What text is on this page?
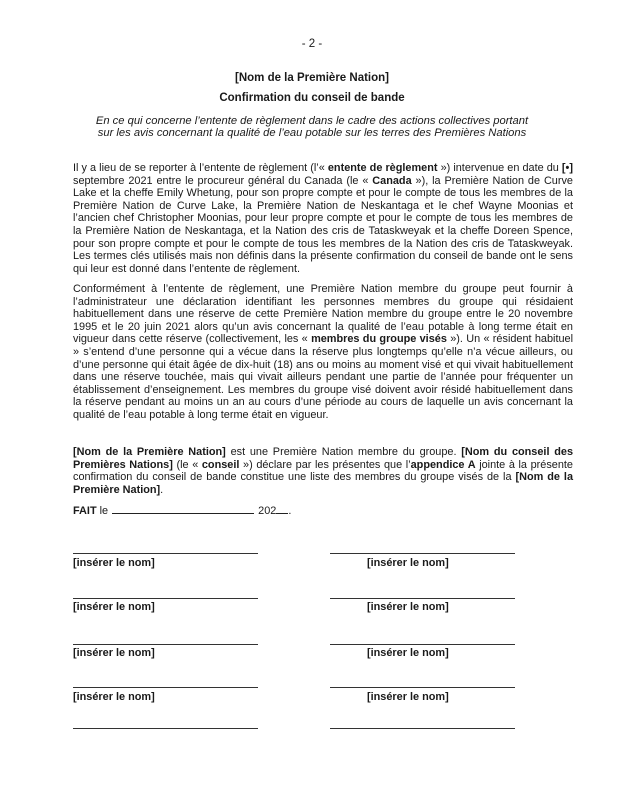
- 2 -
[Nom de la Première Nation]
Confirmation du conseil de bande
En ce qui concerne l’entente de règlement dans le cadre des actions collectives portant sur les avis concernant la qualité de l’eau potable sur les terres des Premières Nations
Il y a lieu de se reporter à l’entente de règlement (l’« entente de règlement ») intervenue en date du [•] septembre 2021 entre le procureur général du Canada (le « Canada »), la Première Nation de Curve Lake et la cheffe Emily Whetung, pour son propre compte et pour le compte de tous les membres de la Première Nation de Curve Lake, la Première Nation de Neskantaga et le chef Wayne Moonias et l’ancien chef Christopher Moonias, pour leur propre compte et pour le compte de tous les membres de la Première Nation de Neskantaga, et la Nation des cris de Tataskweyak et la cheffe Doreen Spence, pour son propre compte et pour le compte de tous les membres de la Nation des cris de Tataskweyak. Les termes clés utilisés mais non définis dans la présente confirmation du conseil de bande ont le sens qui leur est donné dans l’entente de règlement.
Conformément à l’entente de règlement, une Première Nation membre du groupe peut fournir à l’administrateur une déclaration identifiant les personnes membres du groupe qui résidaient habituellement dans une réserve de cette Première Nation membre du groupe entre le 20 novembre 1995 et le 20 juin 2021 alors qu’un avis concernant la qualité de l’eau potable à long terme était en vigueur dans cette réserve (collectivement, les « membres du groupe visés »). Un « résident habituel » s’entend d’une personne qui a vécue dans la réserve plus longtemps qu’elle n’a vécue ailleurs, ou d’une personne qui était âgée de dix-huit (18) ans ou moins au moment visé et qui vivait habituellement dans une réserve touchée, mais qui vivait ailleurs pendant une partie de l’année pour fréquenter un établissement d’enseignement. Les membres du groupe visé doivent avoir résidé habituellement dans la réserve pendant au moins un an au cours d’une période au cours de laquelle un avis concernant la qualité de l’eau potable à long terme était en vigueur.
[Nom de la Première Nation] est une Première Nation membre du groupe. [Nom du conseil des Premières Nations] (le « conseil ») déclare par les présentes que l’appendice A jointe à la présente confirmation du conseil de bande constitue une liste des membres du groupe visés de la [Nom de la Première Nation].
FAIT le	202 .
[insérer le nom]
[insérer le nom]
[insérer le nom]
[insérer le nom]
[insérer le nom]
[insérer le nom]
[insérer le nom]
[insérer le nom]
